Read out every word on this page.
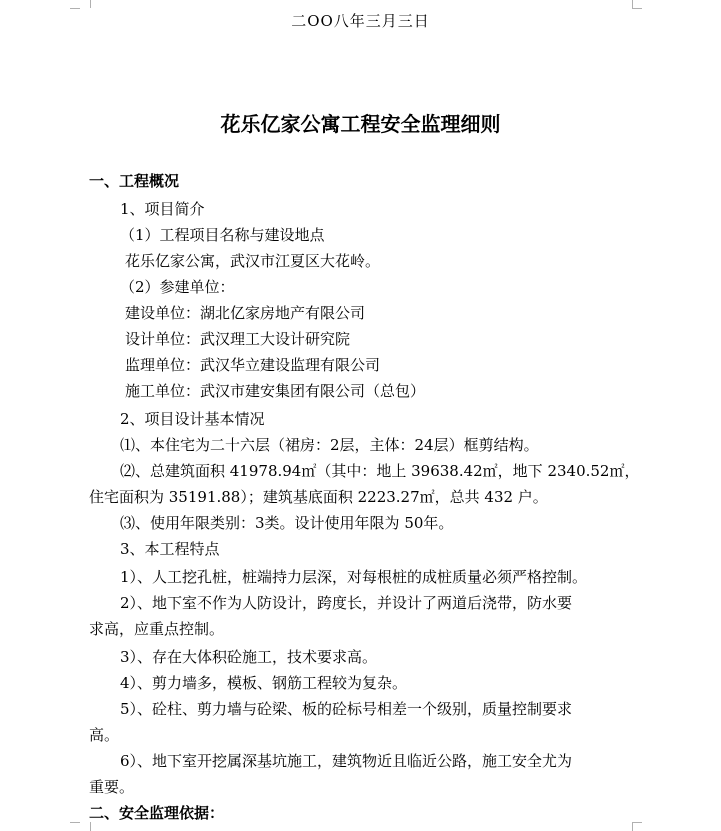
二OO八年三月三日
花乐亿家公寓工程安全监理细则
一、工程概况
1、项目简介
（1）工程项目名称与建设地点
花乐亿家公寓，武汉市江夏区大花岭。
（2）参建单位：
建设单位：湖北亿家房地产有限公司
设计单位：武汉理工大设计研究院
监理单位：武汉华立建设监理有限公司
施工单位：武汉市建安集团有限公司（总包）
2、项目设计基本情况
⑴、本住宅为二十六层（裙房：2层，主体：24层）框剪结构。
⑵、总建筑面积 41978.94㎡（其中：地上 39638.42㎡，地下 2340.52㎡，
住宅面积为 35191.88）；建筑基底面积 2223.27㎡，总共 432 户。
⑶、使用年限类别：3类。设计使用年限为 50年。
3、本工程特点
1）、人工挖孔桩，桩端持力层深，对每根桩的成桩质量必须严格控制。
2）、地下室不作为人防设计，跨度长，并设计了两道后浇带，防水要
求高，应重点控制。
3）、存在大体积砼施工，技术要求高。
4）、剪力墙多，模板、钢筋工程较为复杂。
5）、砼柱、剪力墙与砼梁、板的砼标号相差一个级别，质量控制要求
高。
6）、地下室开挖属深基坑施工，建筑物近且临近公路，施工安全尤为
重要。
二、安全监理依据：
